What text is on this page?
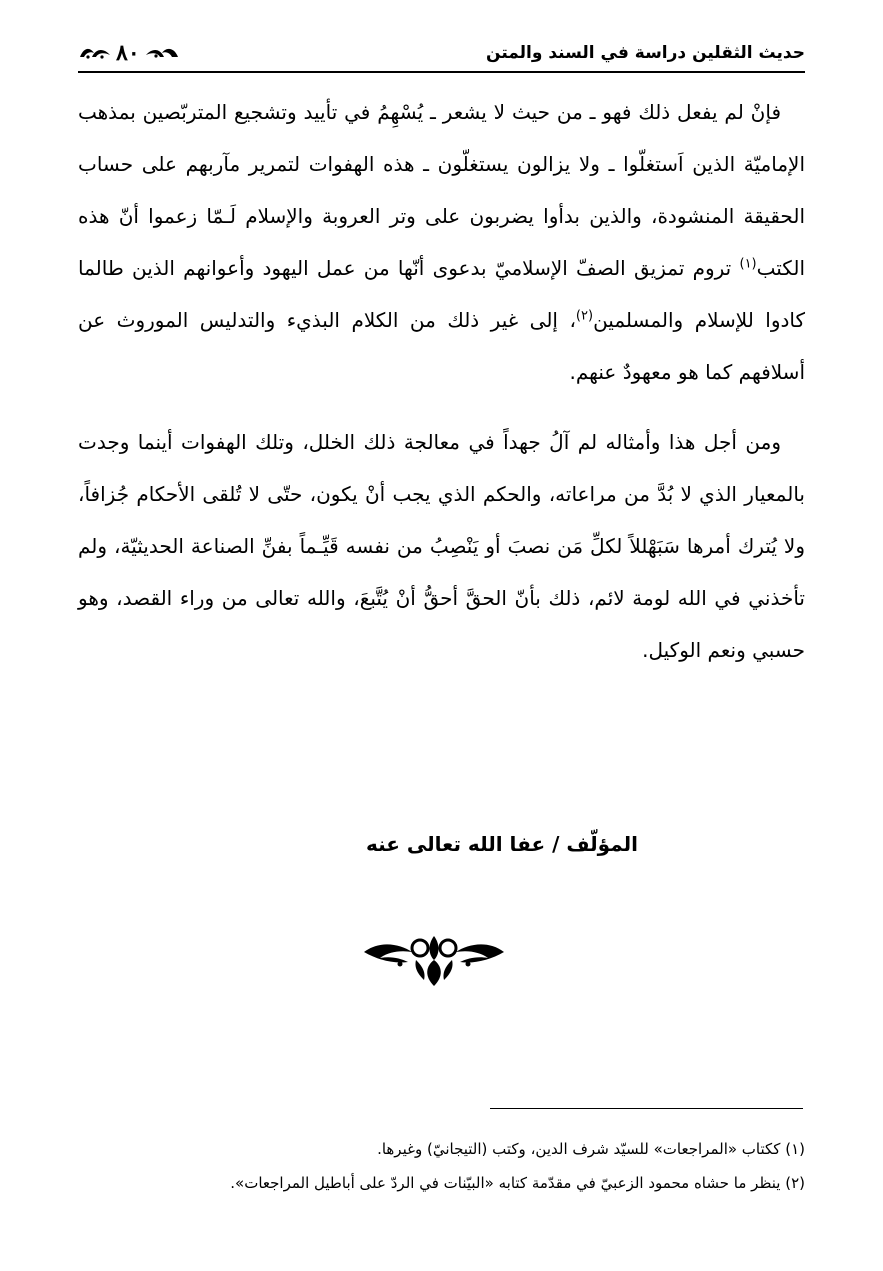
حديث الثقلين دراسة في السند والمتن
٨٠

فإنْ لم يفعل ذلك فهو ـ من حيث لا يشعر ـ يُسْهِمُ في تأييد وتشجيع المتربّصين بمذهب الإماميّة الذين اَستغلّوا ـ ولا يزالون يستغلّون ـ هذه الهفوات لتمرير مآربهم على حساب الحقيقة المنشودة، والذين بدأوا يضربون على وتر العروبة والإسلام لَـمّا زعموا أنّ هذه الكتب$^{(١)}$ تروم تمزيق الصفّ الإسلاميّ بدعوى أنّها من عمل اليهود وأعوانهم الذين طالما كادوا للإسلام والمسلمين$^{(٢)}$، إلى غير ذلك من الكلام البذيء والتدليس الموروث عن أسلافهم كما هو معهودٌ عنهم.

ومن أجل هذا وأمثاله لم آلُ جهداً في معالجة ذلك الخلل، وتلك الهفوات أينما وجدت بالمعيار الذي لا بُدَّ من مراعاته، والحكم الذي يجب أنْ يكون، حتّى لا تُلقى الأحكام جُزافاً، ولا يُترك أمرها سَبَهْللاً لكلِّ مَن نصبَ أو يَنْصِبُ من نفسه قَيِّـماً بفنِّ الصناعة الحديثيّة، ولم تأخذني في الله لومة لائم، ذلك بأنّ الحقَّ أحقُّ أنْ يُتَّبعَ، والله تعالى من وراء القصد، وهو حسبي ونعم الوكيل.

المؤلّف / عفا الله تعالى عنه

(١) ككتاب «المراجعات» للسيّد شرف الدين، وكتب (التيجانيّ) وغيرها.

(٢) ينظر ما حشاه محمود الزعبيّ في مقدّمة كتابه «البيّنات في الردّ على أباطيل المراجعات».
